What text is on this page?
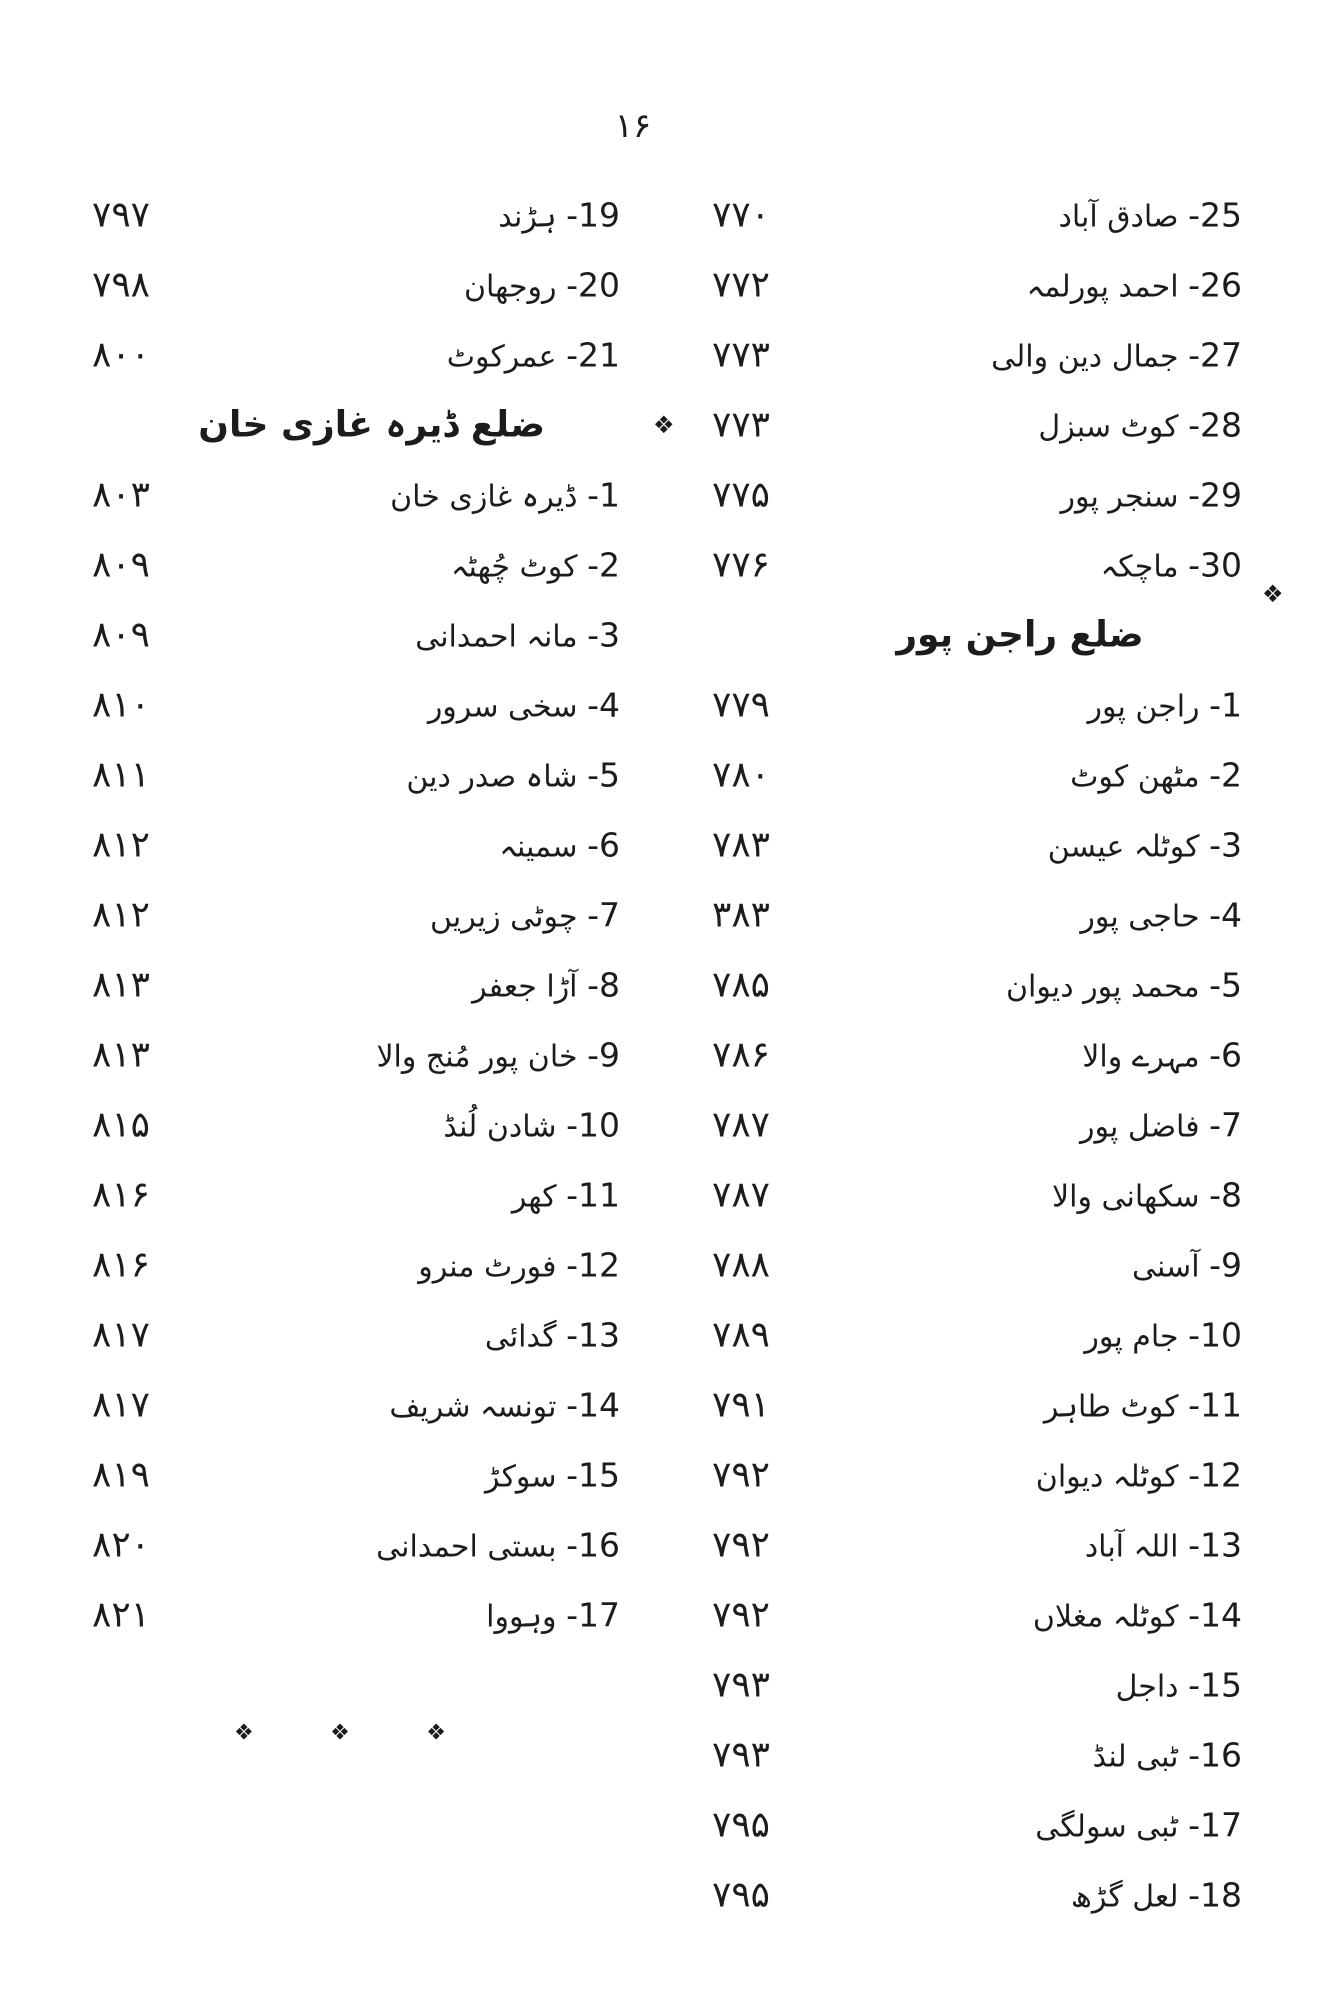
۱۶
۷۹۷	19- ہڑند	۷۷۰	25- صادق آباد
۷۹۸	20- روجھان	۷۷۲	26- احمد پورلمہ
۸۰۰	21- عمرکوٹ	۷۷۳	27- جمال دین والی
ضلع ڈیرہ غازی خان	❖ ۷۷۳	28- کوٹ سبزل
۸۰۳	1- ڈیرہ غازی خان	۷۷۵	29- سنجر پور
۸۰۹	2- کوٹ چُھٹہ	۷۷۶	30- ماچکہ
۸۰۹	3- مانہ احمدانی	ضلع راجن پور
❖
۸۱۰	4- سخی سرور	۷۷۹	1- راجن پور
۸۱۱	5- شاہ صدر دین	۷۸۰	2- مٹھن کوٹ
۸۱۲	6- سمینہ	۷۸۳	3- کوٹلہ عیسن
۸۱۲	7- چوٹی زیریں	۳۸۳	4- حاجی پور
۸۱۳	8- آڑا جعفر	۷۸۵	5- محمد پور دیوان
۸۱۳	9- خان پور مُنج والا	۷۸۶	6- مہرے والا
۸۱۵	10- شادن لُنڈ	۷۸۷	7- فاضل پور
۸۱۶	11- کھر	۷۸۷	8- سکھانی والا
۸۱۶	12- فورٹ منرو	۷۸۸	9- آسنی
۸۱۷	13- گدائی	۷۸۹	10- جام پور
۸۱۷	14- تونسہ شریف	۷۹۱	11- کوٹ طاہر
۸۱۹	15- سوکڑ	۷۹۲	12- کوٹلہ دیوان
۸۲۰	16- بستی احمدانی	۷۹۲	13- اللہ آباد
۸۲۱	17- وہووا	۷۹۲	14- کوٹلہ مغلاں
۷۹۳	15- داجل
❖	❖	❖
۷۹۳	16- ٹبی لنڈ
۷۹۵	17- ٹبی سولگی
۷۹۵	18- لعل گڑھ
